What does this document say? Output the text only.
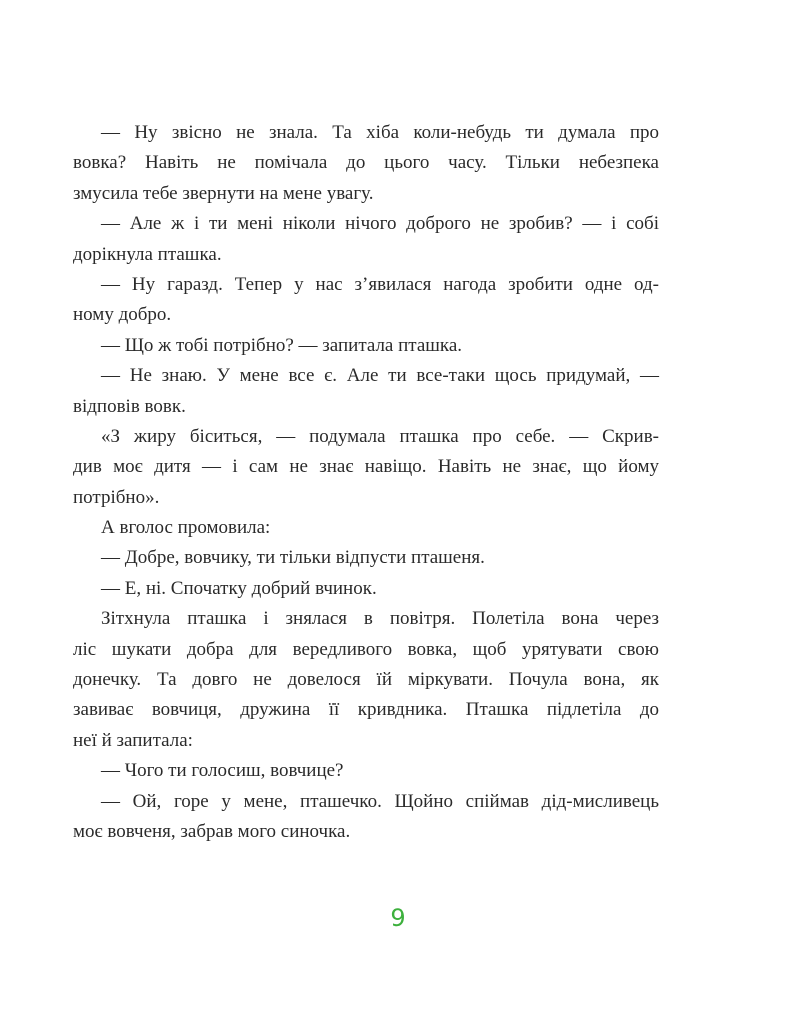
— Ну звісно не знала. Та хіба коли-небудь ти думала про
вовка? Навіть не помічала до цього часу. Тільки небезпека
змусила тебе звернути на мене увагу.
— Але ж і ти мені ніколи нічого доброго не зробив? — і собі
дорікнула пташка.
— Ну гаразд. Тепер у нас з’явилася нагода зробити одне од-
ному добро.
— Що ж тобі потрібно? — запитала пташка.
— Не знаю. У мене все є. Але ти все-таки щось придумай, —
відповів вовк.
«З жиру біситься, — подумала пташка про себе. — Скрив-
див моє дитя — і сам не знає навіщо. Навіть не знає, що йому
потрібно».
А вголос промовила:
— Добре, вовчику, ти тільки відпусти пташеня.
— Е, ні. Спочатку добрий вчинок.
Зітхнула пташка і знялася в повітря. Полетіла вона через
ліс шукати добра для вередливого вовка, щоб урятувати свою
донечку. Та довго не довелося їй міркувати. Почула вона, як
завиває вовчиця, дружина її кривдника. Пташка підлетіла до
неї й запитала:
— Чого ти голосиш, вовчице?
— Ой, горе у мене, пташечко. Щойно спіймав дід-мисливець
моє вовченя, забрав мого синочка.
9
